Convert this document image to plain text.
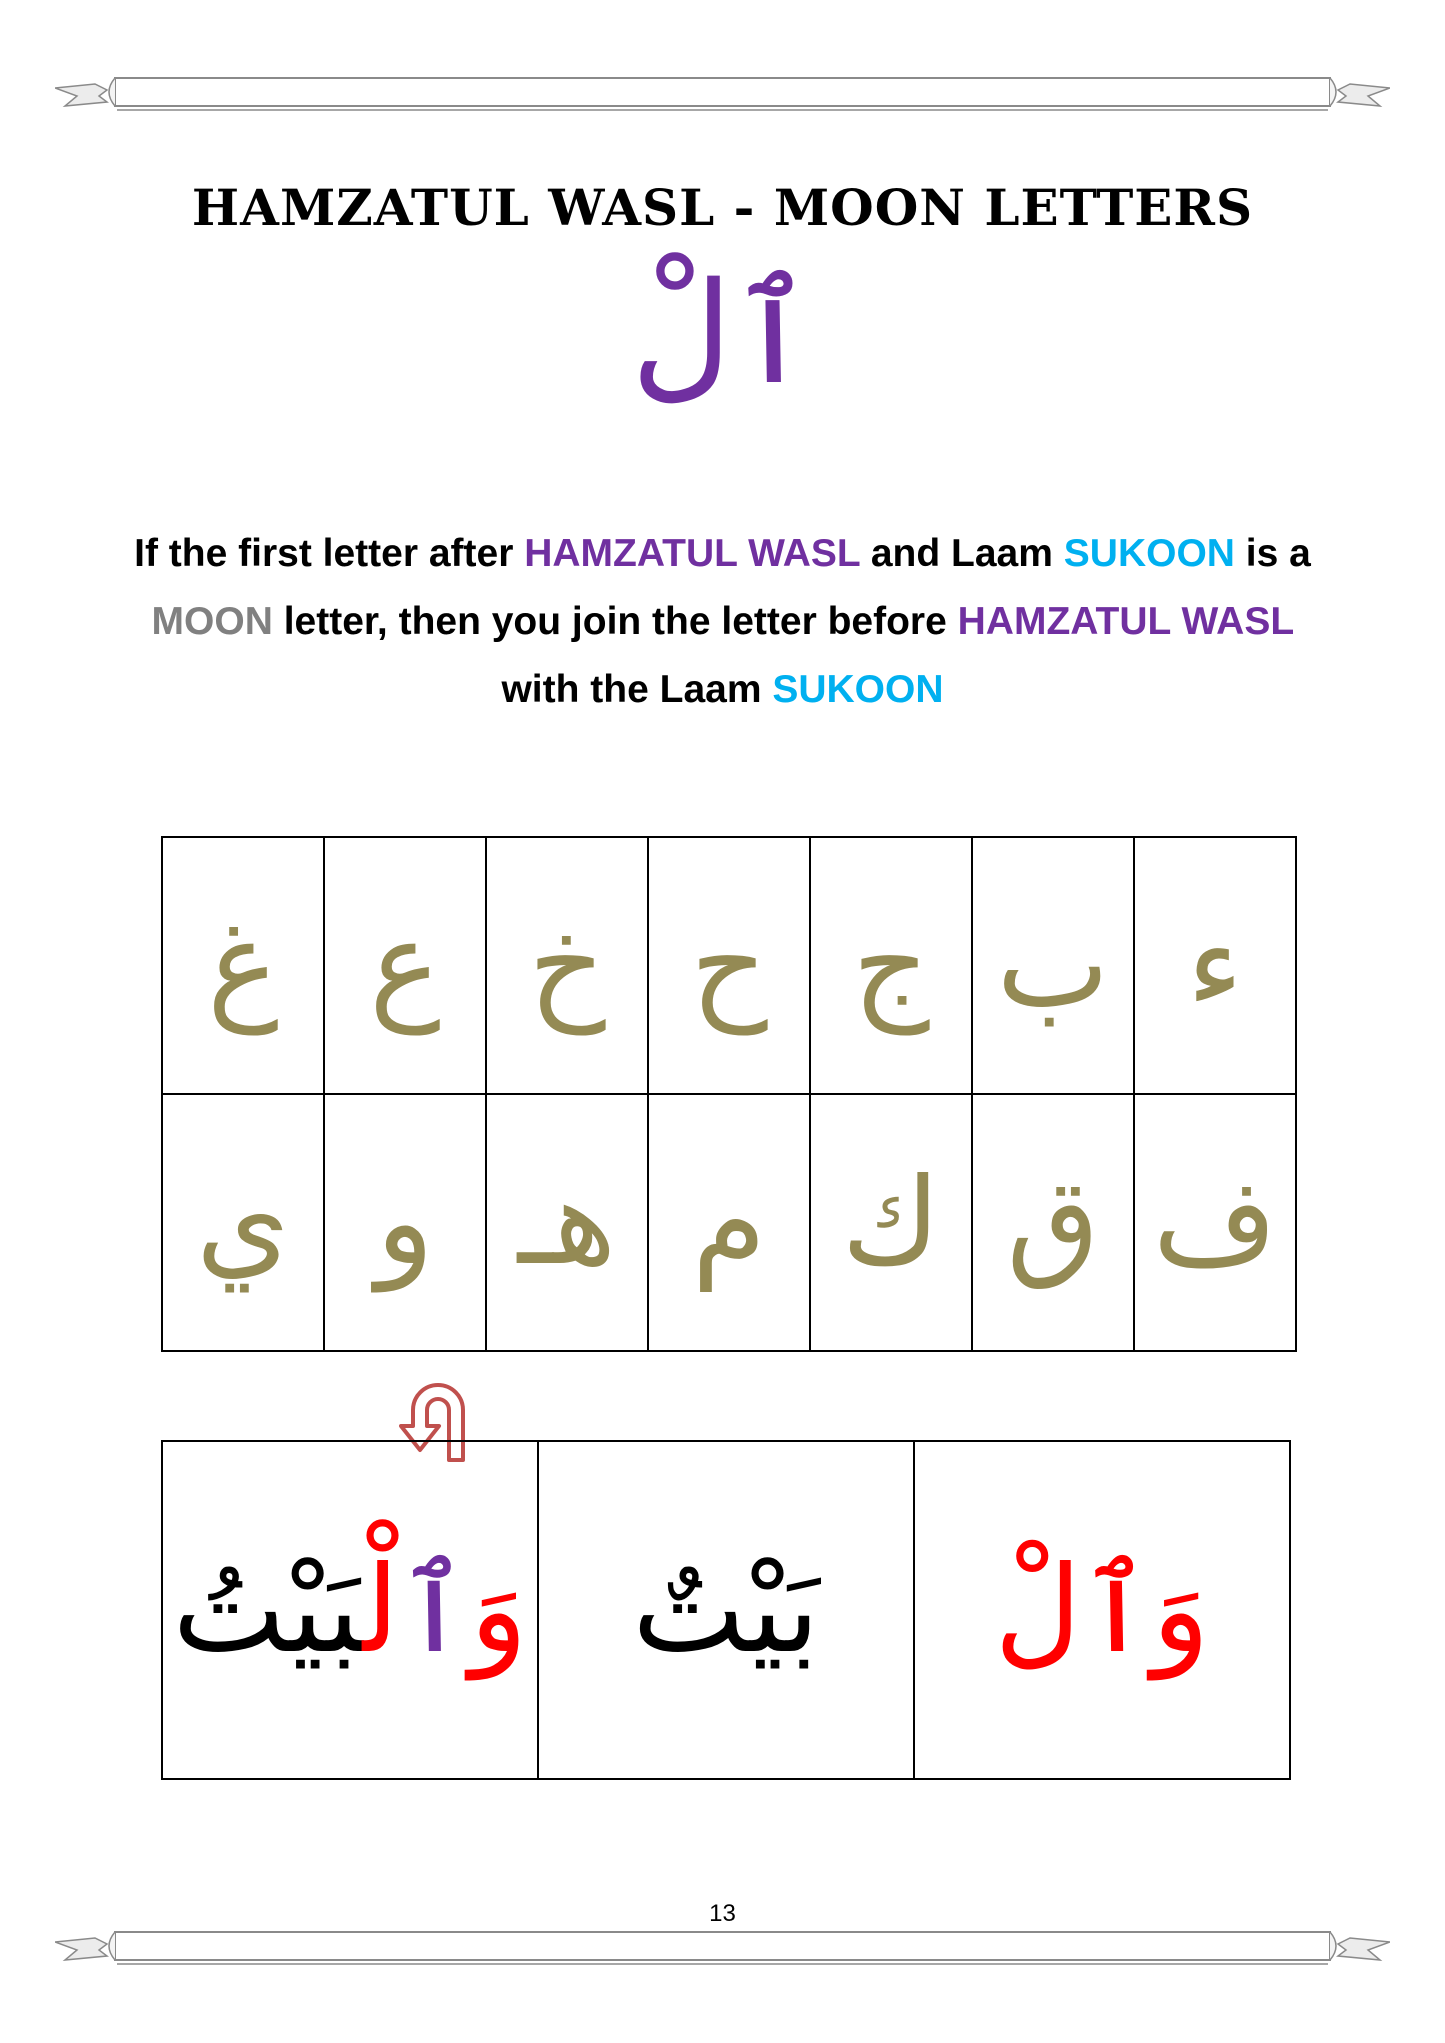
HAMZATUL WASL - MOON LETTERS
ٱلْ

If the first letter after HAMZATUL WASL and Laam SUKOON is a MOON letter, then you join the letter before HAMZATUL WASL with the Laam SUKOON

ء	ب	ج	ح	خ	ع	غ
ف	ق	ك	م	هـ	و	ي
وَٱلْ	بَيْتٌ	وَٱلْبَيْتُ
13
